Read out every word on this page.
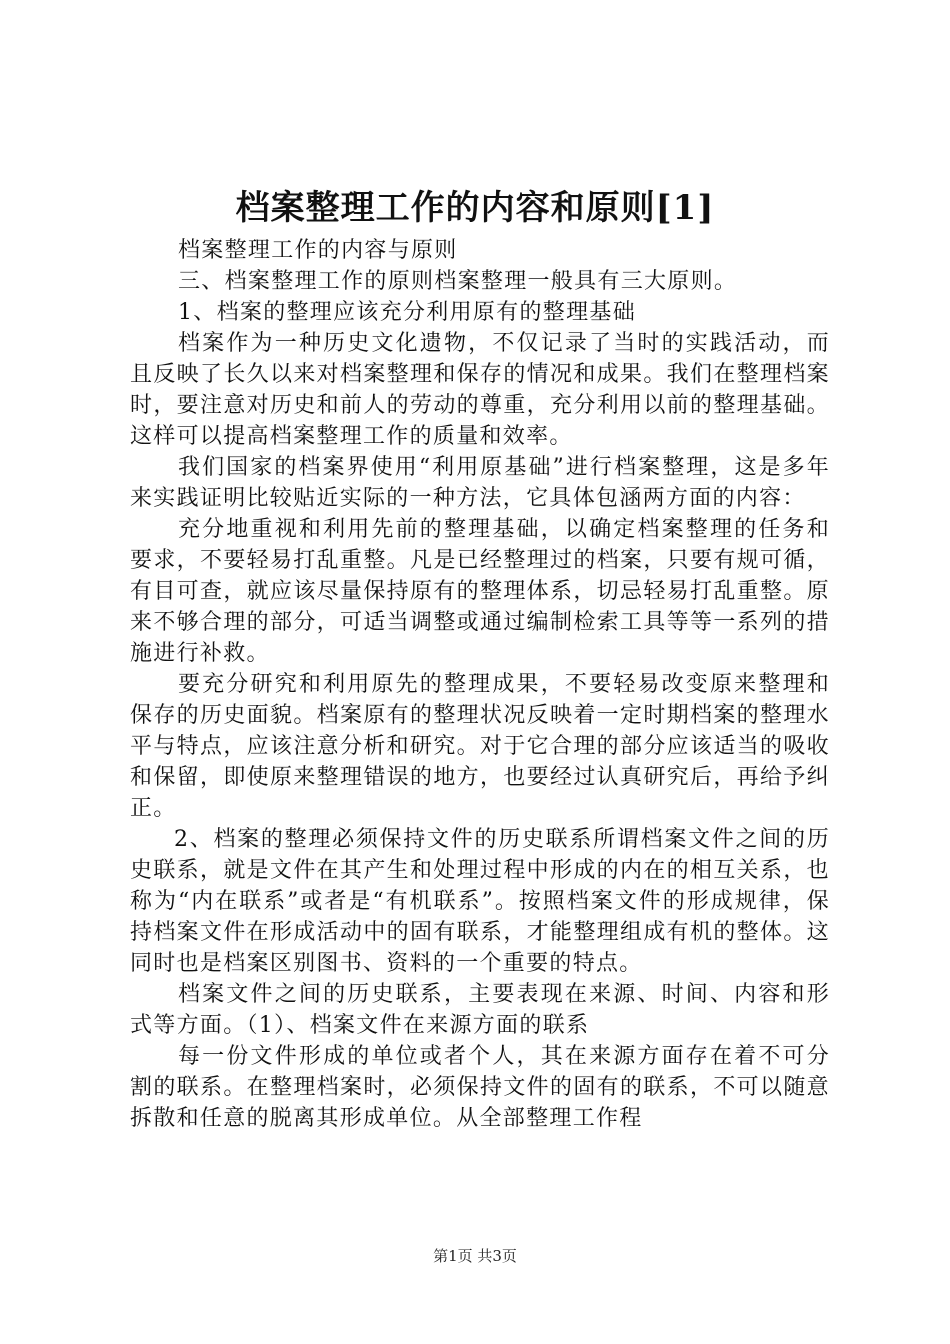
档案整理工作的内容和原则[1]

档案整理工作的内容与原则

三、档案整理工作的原则档案整理一般具有三大原则。

1、档案的整理应该充分利用原有的整理基础

档案作为一种历史文化遗物，不仅记录了当时的实践活动，而且反映了长久以来对档案整理和保存的情况和成果。我们在整理档案时，要注意对历史和前人的劳动的尊重，充分利用以前的整理基础。这样可以提高档案整理工作的质量和效率。

我们国家的档案界使用“利用原基础”进行档案整理，这是多年来实践证明比较贴近实际的一种方法，它具体包涵两方面的内容：

充分地重视和利用先前的整理基础，以确定档案整理的任务和要求，不要轻易打乱重整。凡是已经整理过的档案，只要有规可循，有目可查，就应该尽量保持原有的整理体系，切忌轻易打乱重整。原来不够合理的部分，可适当调整或通过编制检索工具等等一系列的措施进行补救。

要充分研究和利用原先的整理成果，不要轻易改变原来整理和保存的历史面貌。档案原有的整理状况反映着一定时期档案的整理水平与特点，应该注意分析和研究。对于它合理的部分应该适当的吸收和保留，即使原来整理错误的地方，也要经过认真研究后，再给予纠正。

2、档案的整理必须保持文件的历史联系所谓档案文件之间的历史联系，就是文件在其产生和处理过程中形成的内在的相互关系，也称为“内在联系”或者是“有机联系”。按照档案文件的形成规律，保持档案文件在形成活动中的固有联系，才能整理组成有机的整体。这同时也是档案区别图书、资料的一个重要的特点。

档案文件之间的历史联系，主要表现在来源、时间、内容和形式等方面。（1）、档案文件在来源方面的联系

每一份文件形成的单位或者个人，其在来源方面存在着不可分割的联系。在整理档案时，必须保持文件的固有的联系，不可以随意拆散和任意的脱离其形成单位。从全部整理工作程

第1页 共3页
